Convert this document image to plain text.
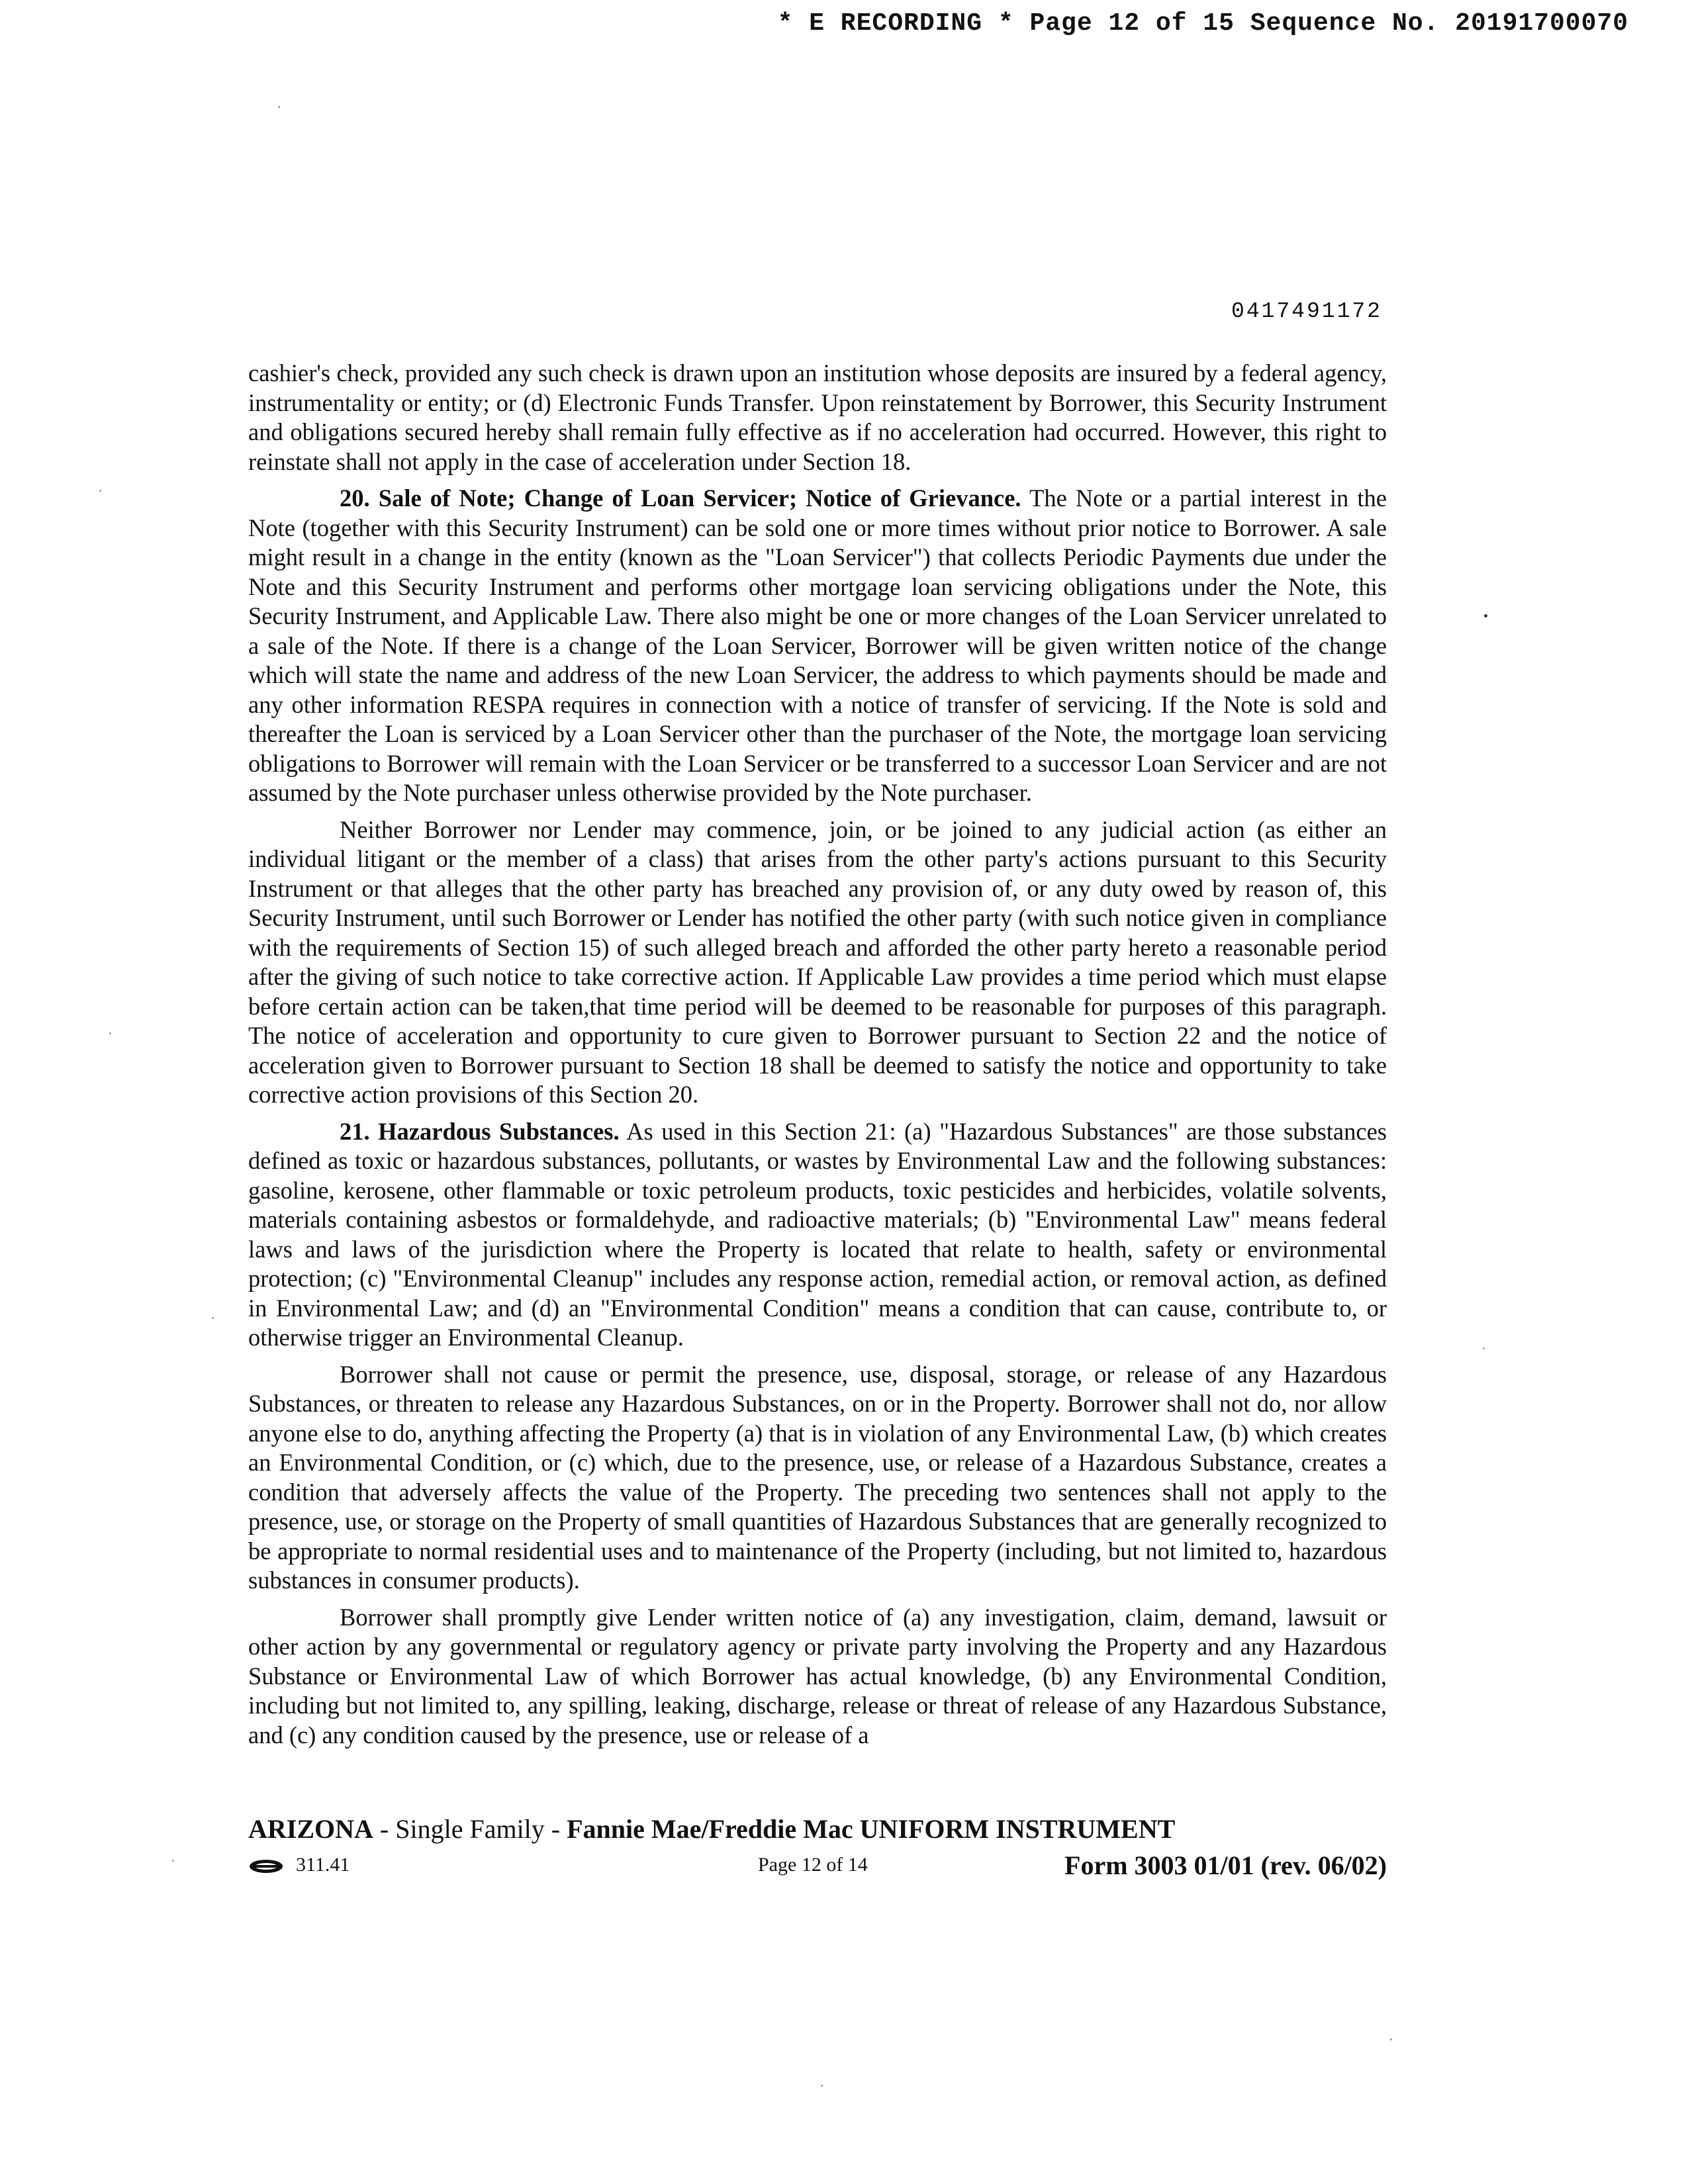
* E RECORDING * Page 12 of 15 Sequence No. 20191700070
0417491172

cashier's check, provided any such check is drawn upon an institution whose deposits are insured by a federal agency, instrumentality or entity; or (d) Electronic Funds Transfer. Upon reinstatement by Borrower, this Security Instrument and obligations secured hereby shall remain fully effective as if no acceleration had occurred. However, this right to reinstate shall not apply in the case of acceleration under Section 18.

20. Sale of Note; Change of Loan Servicer; Notice of Grievance. The Note or a partial interest in the Note (together with this Security Instrument) can be sold one or more times without prior notice to Borrower. A sale might result in a change in the entity (known as the "Loan Servicer") that collects Periodic Payments due under the Note and this Security Instrument and performs other mortgage loan servicing obligations under the Note, this Security Instrument, and Applicable Law. There also might be one or more changes of the Loan Servicer unrelated to a sale of the Note. If there is a change of the Loan Servicer, Borrower will be given written notice of the change which will state the name and address of the new Loan Servicer, the address to which payments should be made and any other information RESPA requires in connection with a notice of transfer of servicing. If the Note is sold and thereafter the Loan is serviced by a Loan Servicer other than the purchaser of the Note, the mortgage loan servicing obligations to Borrower will remain with the Loan Servicer or be transferred to a successor Loan Servicer and are not assumed by the Note purchaser unless otherwise provided by the Note purchaser.

Neither Borrower nor Lender may commence, join, or be joined to any judicial action (as either an individual litigant or the member of a class) that arises from the other party's actions pursuant to this Security Instrument or that alleges that the other party has breached any provision of, or any duty owed by reason of, this Security Instrument, until such Borrower or Lender has notified the other party (with such notice given in compliance with the requirements of Section 15) of such alleged breach and afforded the other party hereto a reasonable period after the giving of such notice to take corrective action. If Applicable Law provides a time period which must elapse before certain action can be taken,that time period will be deemed to be reasonable for purposes of this paragraph. The notice of acceleration and opportunity to cure given to Borrower pursuant to Section 22 and the notice of acceleration given to Borrower pursuant to Section 18 shall be deemed to satisfy the notice and opportunity to take corrective action provisions of this Section 20.

21. Hazardous Substances. As used in this Section 21: (a) "Hazardous Substances" are those substances defined as toxic or hazardous substances, pollutants, or wastes by Environmental Law and the following substances: gasoline, kerosene, other flammable or toxic petroleum products, toxic pesticides and herbicides, volatile solvents, materials containing asbestos or formaldehyde, and radioactive materials; (b) "Environmental Law" means federal laws and laws of the jurisdiction where the Property is located that relate to health, safety or environmental protection; (c) "Environmental Cleanup" includes any response action, remedial action, or removal action, as defined in Environmental Law; and (d) an "Environmental Condition" means a condition that can cause, contribute to, or otherwise trigger an Environmental Cleanup.

Borrower shall not cause or permit the presence, use, disposal, storage, or release of any Hazardous Substances, or threaten to release any Hazardous Substances, on or in the Property. Borrower shall not do, nor allow anyone else to do, anything affecting the Property (a) that is in violation of any Environmental Law, (b) which creates an Environmental Condition, or (c) which, due to the presence, use, or release of a Hazardous Substance, creates a condition that adversely affects the value of the Property. The preceding two sentences shall not apply to the presence, use, or storage on the Property of small quantities of Hazardous Substances that are generally recognized to be appropriate to normal residential uses and to maintenance of the Property (including, but not limited to, hazardous substances in consumer products).

Borrower shall promptly give Lender written notice of (a) any investigation, claim, demand, lawsuit or other action by any governmental or regulatory agency or private party involving the Property and any Hazardous Substance or Environmental Law of which Borrower has actual knowledge, (b) any Environmental Condition, including but not limited to, any spilling, leaking, discharge, release or threat of release of any Hazardous Substance, and (c) any condition caused by the presence, use or release of a

ARIZONA - Single Family - Fannie Mae/Freddie Mac UNIFORM INSTRUMENT
311.41	Page 12 of 14	Form 3003 01/01 (rev. 06/02)
